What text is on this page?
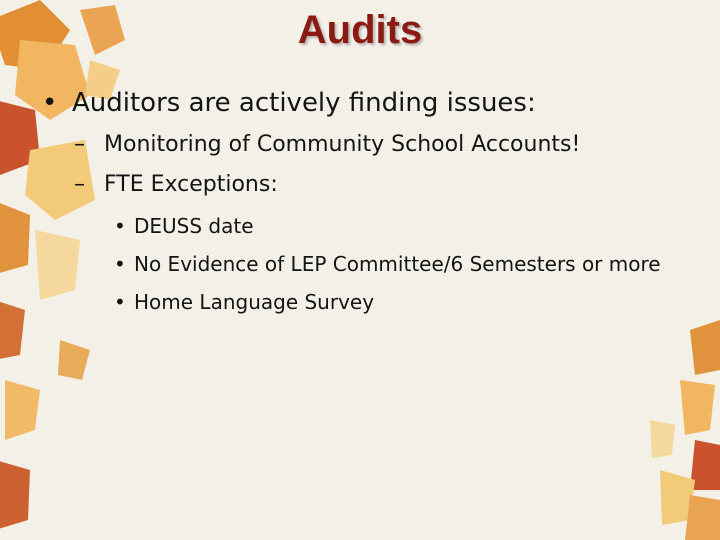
Audits
• Auditors are actively finding issues:
– Monitoring of Community School Accounts!
– FTE Exceptions:
• DEUSS date
• No Evidence of LEP Committee/6 Semesters or more
• Home Language Survey
